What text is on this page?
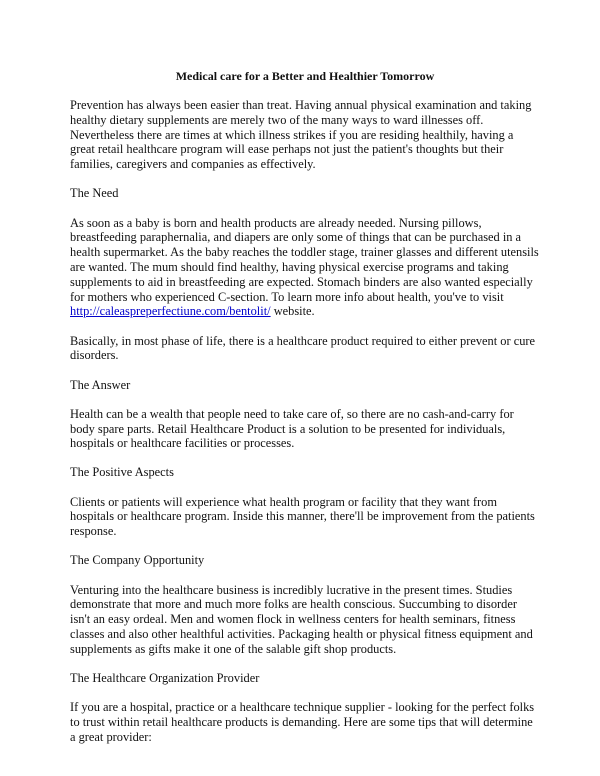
Medical care for a Better and Healthier Tomorrow

Prevention has always been easier than treat. Having annual physical examination and taking healthy dietary supplements are merely two of the many ways to ward illnesses off. Nevertheless there are times at which illness strikes if you are residing healthily, having a great retail healthcare program will ease perhaps not just the patient's thoughts but their families, caregivers and companies as effectively.

The Need

As soon as a baby is born and health products are already needed. Nursing pillows, breastfeeding paraphernalia, and diapers are only some of things that can be purchased in a health supermarket. As the baby reaches the toddler stage, trainer glasses and different utensils are wanted. The mum should find healthy, having physical exercise programs and taking supplements to aid in breastfeeding are expected. Stomach binders are also wanted especially for mothers who experienced C-section. To learn more info about health, you've to visit http://caleaspreperfectiune.com/bentolit/ website.

Basically, in most phase of life, there is a healthcare product required to either prevent or cure disorders.

The Answer

Health can be a wealth that people need to take care of, so there are no cash-and-carry for body spare parts. Retail Healthcare Product is a solution to be presented for individuals, hospitals or healthcare facilities or processes.

The Positive Aspects

Clients or patients will experience what health program or facility that they want from hospitals or healthcare program. Inside this manner, there'll be improvement from the patients response.

The Company Opportunity

Venturing into the healthcare business is incredibly lucrative in the present times. Studies demonstrate that more and much more folks are health conscious. Succumbing to disorder isn't an easy ordeal. Men and women flock in wellness centers for health seminars, fitness classes and also other healthful activities. Packaging health or physical fitness equipment and supplements as gifts make it one of the salable gift shop products.

The Healthcare Organization Provider

If you are a hospital, practice or a healthcare technique supplier - looking for the perfect folks to trust within retail healthcare products is demanding. Here are some tips that will determine a great provider:
